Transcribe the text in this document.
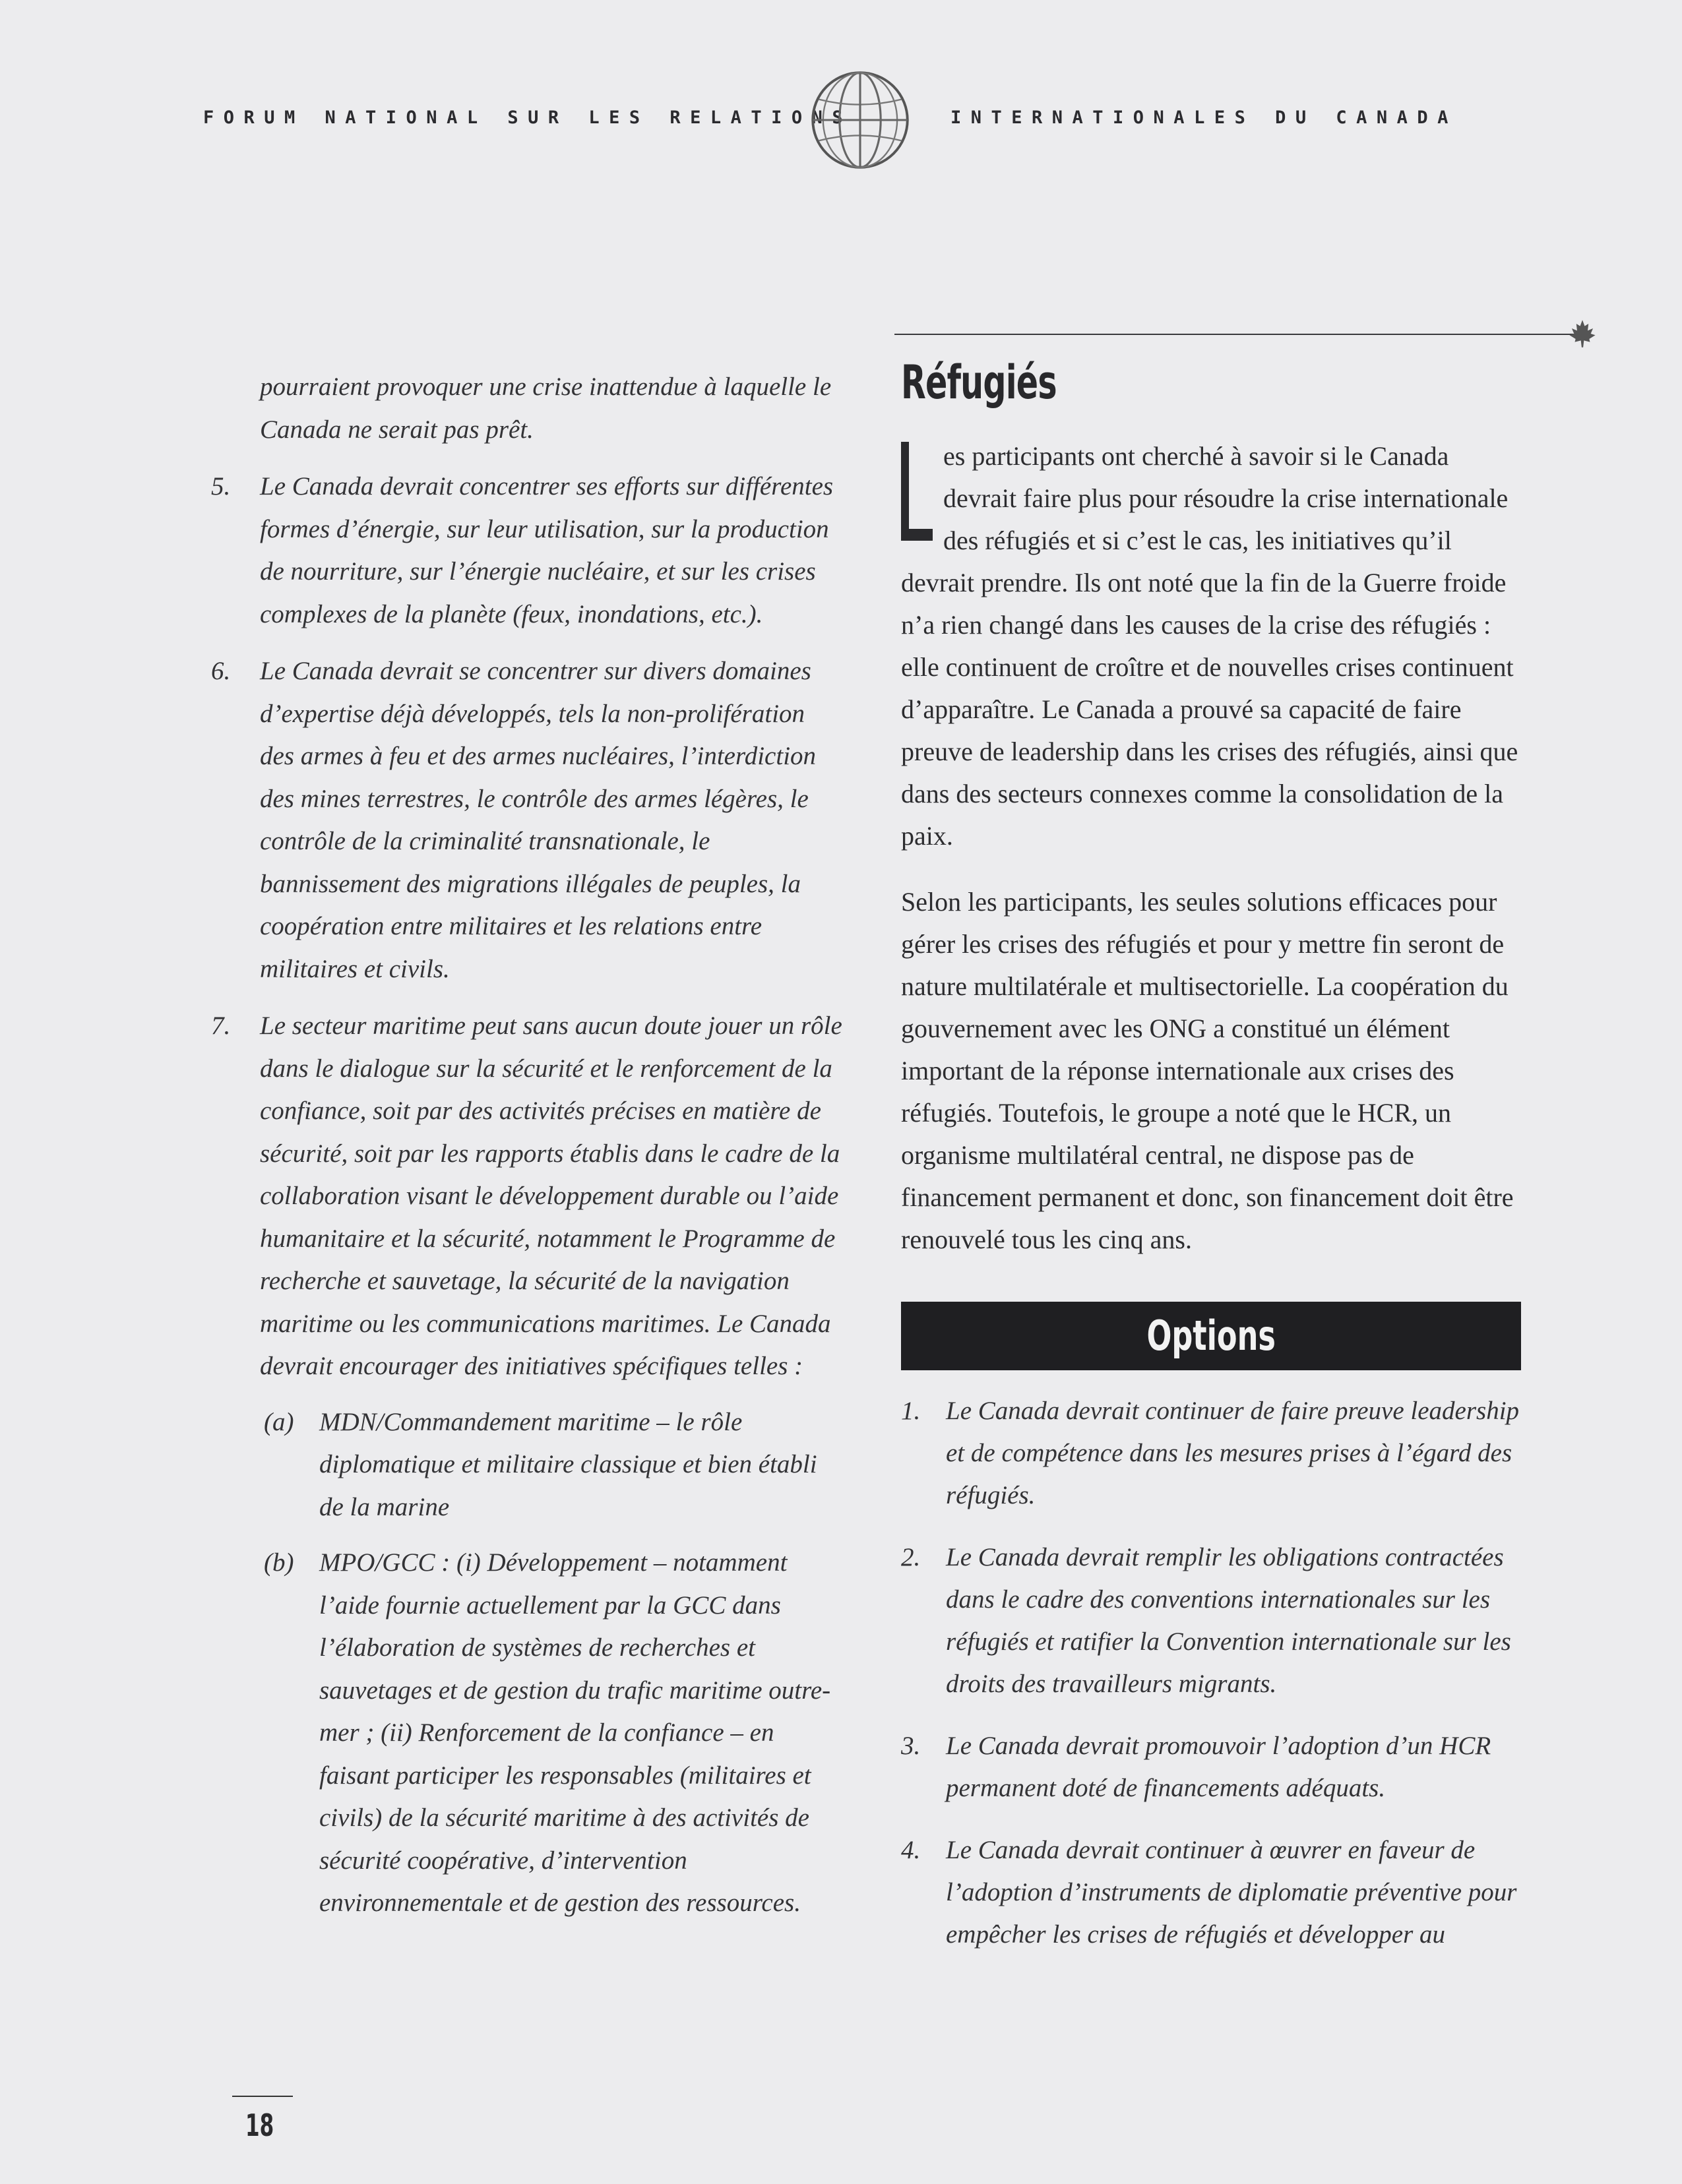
FORUM NATIONAL SUR LES RELATIONS	INTERNATIONALES DU CANADA

pourraient provoquer une crise inattendue à laquelle le Canada ne serait pas prêt.

5. Le Canada devrait concentrer ses efforts sur différentes formes d’énergie, sur leur utilisation, sur la production de nourriture, sur l’énergie nucléaire, et sur les crises complexes de la planète (feux, inondations, etc.).

6. Le Canada devrait se concentrer sur divers domaines d’expertise déjà développés, tels la non-prolifération des armes à feu et des armes nucléaires, l’interdiction des mines terrestres, le contrôle des armes légères, le contrôle de la criminalité transnationale, le bannissement des migrations illégales de peuples, la coopération entre militaires et les relations entre militaires et civils.

7. Le secteur maritime peut sans aucun doute jouer un rôle dans le dialogue sur la sécurité et le renforcement de la confiance, soit par des activités précises en matière de sécurité, soit par les rapports établis dans le cadre de la collaboration visant le développement durable ou l’aide humanitaire et la sécurité, notamment le Programme de recherche et sauvetage, la sécurité de la navigation maritime ou les communications maritimes. Le Canada devrait encourager des initiatives spécifiques telles :

(a) MDN/Commandement maritime – le rôle diplomatique et militaire classique et bien établi de la marine

(b) MPO/GCC : (i) Développement – notamment l’aide fournie actuellement par la GCC dans l’élaboration de systèmes de recherches et sauvetages et de gestion du trafic maritime outre-mer ; (ii) Renforcement de la confiance – en faisant participer les responsables (militaires et civils) de la sécurité maritime à des activités de sécurité coopérative, d’intervention environnementale et de gestion des ressources.

Réfugiés

es participants ont cherché à savoir si le Canada devrait faire plus pour résoudre la crise internationale des réfugiés et si c’est le cas, les initiatives qu’il devrait prendre. Ils ont noté que la fin de la Guerre froide n’a rien changé dans les causes de la crise des réfugiés : elle continuent de croître et de nouvelles crises continuent d’apparaître. Le Canada a prouvé sa capacité de faire preuve de leadership dans les crises des réfugiés, ainsi que dans des secteurs connexes comme la consolidation de la paix.

Selon les participants, les seules solutions efficaces pour gérer les crises des réfugiés et pour y mettre fin seront de nature multilatérale et multisectorielle. La coopération du gouvernement avec les ONG a constitué un élément important de la réponse internationale aux crises des réfugiés. Toutefois, le groupe a noté que le HCR, un organisme multilatéral central, ne dispose pas de financement permanent et donc, son financement doit être renouvelé tous les cinq ans.

Options

1. Le Canada devrait continuer de faire preuve leadership et de compétence dans les mesures prises à l’égard des réfugiés.

2. Le Canada devrait remplir les obligations contractées dans le cadre des conventions internationales sur les réfugiés et ratifier la Convention internationale sur les droits des travailleurs migrants.

3. Le Canada devrait promouvoir l’adoption d’un HCR permanent doté de financements adéquats.

4. Le Canada devrait continuer à œuvrer en faveur de l’adoption d’instruments de diplomatie préventive pour empêcher les crises de réfugiés et développer au

18
